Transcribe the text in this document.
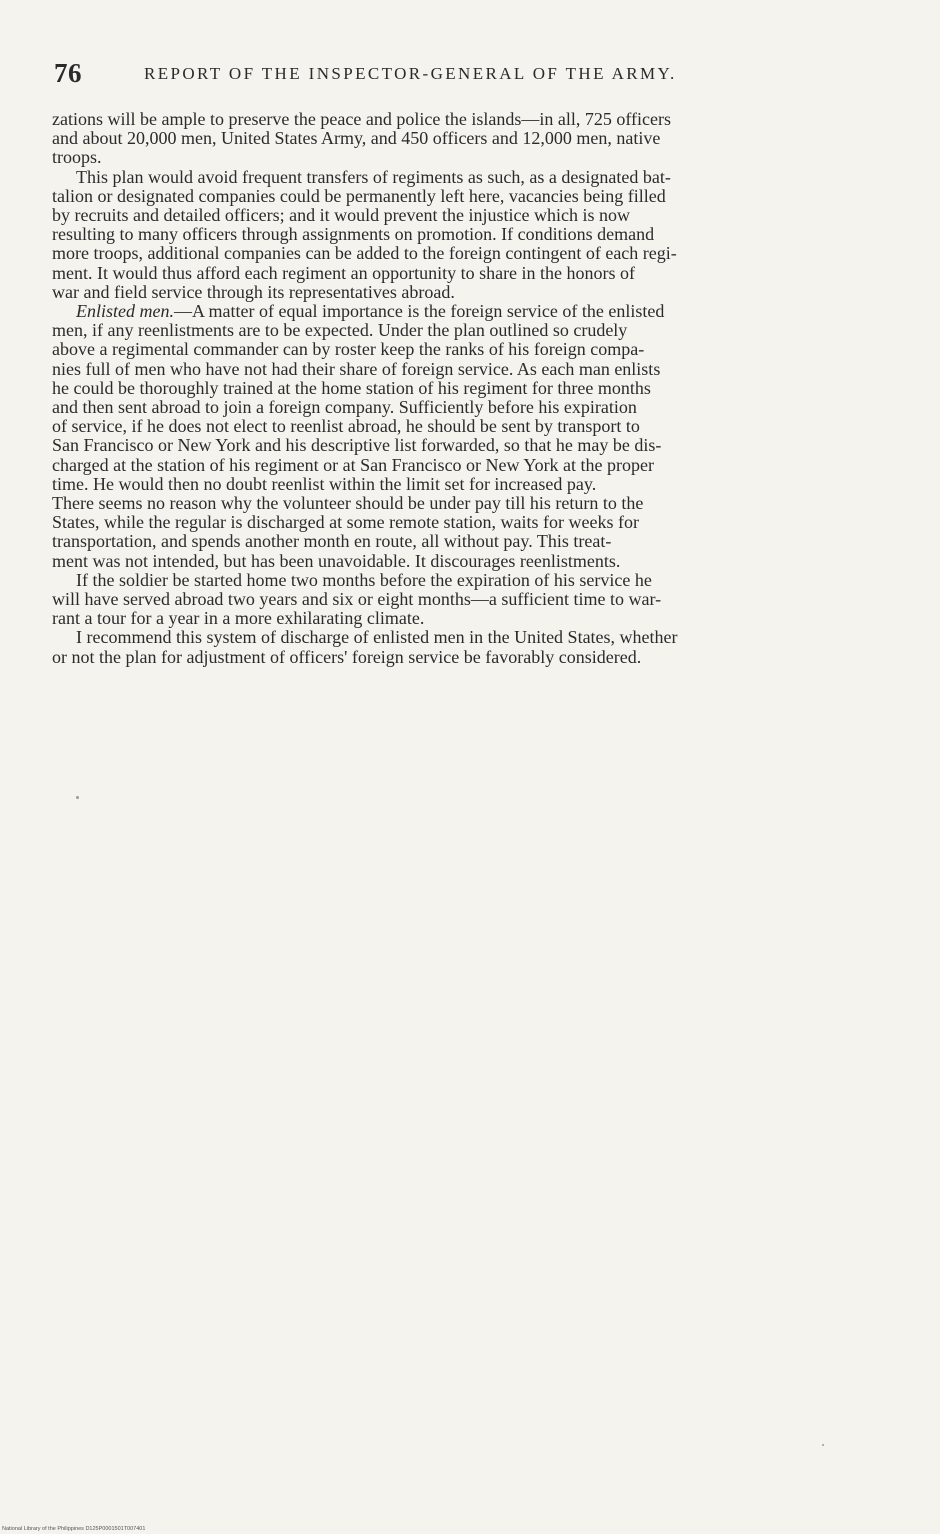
76	REPORT OF THE INSPECTOR-GENERAL OF THE ARMY.
zations will be ample to preserve the peace and police the islands—in all, 725 officers
and about 20,000 men, United States Army, and 450 officers and 12,000 men, native
troops.
This plan would avoid frequent transfers of regiments as such, as a designated bat-
talion or designated companies could be permanently left here, vacancies being filled
by recruits and detailed officers; and it would prevent the injustice which is now
resulting to many officers through assignments on promotion. If conditions demand
more troops, additional companies can be added to the foreign contingent of each regi-
ment. It would thus afford each regiment an opportunity to share in the honors of
war and field service through its representatives abroad.
Enlisted men.—A matter of equal importance is the foreign service of the enlisted
men, if any reenlistments are to be expected. Under the plan outlined so crudely
above a regimental commander can by roster keep the ranks of his foreign compa-
nies full of men who have not had their share of foreign service. As each man enlists
he could be thoroughly trained at the home station of his regiment for three months
and then sent abroad to join a foreign company. Sufficiently before his expiration
of service, if he does not elect to reenlist abroad, he should be sent by transport to
San Francisco or New York and his descriptive list forwarded, so that he may be dis-
charged at the station of his regiment or at San Francisco or New York at the proper
time. He would then no doubt reenlist within the limit set for increased pay.
There seems no reason why the volunteer should be under pay till his return to the
States, while the regular is discharged at some remote station, waits for weeks for
transportation, and spends another month en route, all without pay. This treat-
ment was not intended, but has been unavoidable. It discourages reenlistments.
If the soldier be started home two months before the expiration of his service he
will have served abroad two years and six or eight months—a sufficient time to war-
rant a tour for a year in a more exhilarating climate.
I recommend this system of discharge of enlisted men in the United States, whether
or not the plan for adjustment of officers' foreign service be favorably considered.
National Library of the Philippines D125P0001501T007401
